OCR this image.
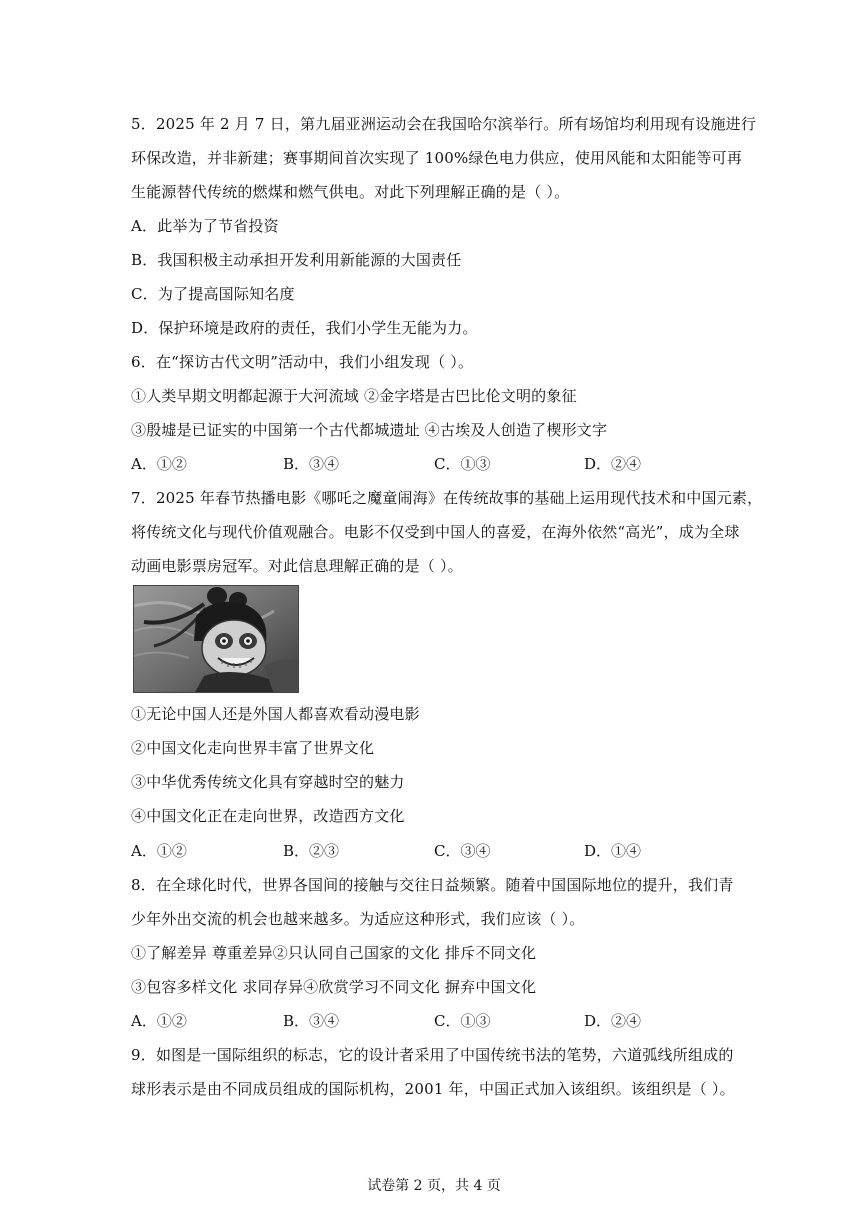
5．2025 年 2 月 7 日，第九届亚洲运动会在我国哈尔滨举行。所有场馆均利用现有设施进行
环保改造，并非新建；赛事期间首次实现了 100%绿色电力供应，使用风能和太阳能等可再
生能源替代传统的燃煤和燃气供电。对此下列理解正确的是（ ）。
A．此举为了节省投资
B．我国积极主动承担开发利用新能源的大国责任
C．为了提高国际知名度
D．保护环境是政府的责任，我们小学生无能为力。
6．在“探访古代文明”活动中，我们小组发现（ ）。
①人类早期文明都起源于大河流域 ②金字塔是古巴比伦文明的象征
③殷墟是已证实的中国第一个古代都城遗址 ④古埃及人创造了楔形文字
A．①②	B．③④	C．①③	D．②④
7．2025 年春节热播电影《哪吒之魔童闹海》在传统故事的基础上运用现代技术和中国元素，
将传统文化与现代价值观融合。电影不仅受到中国人的喜爱，在海外依然“高光”，成为全球
动画电影票房冠军。对此信息理解正确的是（ ）。
①无论中国人还是外国人都喜欢看动漫电影
②中国文化走向世界丰富了世界文化
③中华优秀传统文化具有穿越时空的魅力
④中国文化正在走向世界，改造西方文化
A．①②	B．②③	C．③④	D．①④
8．在全球化时代，世界各国间的接触与交往日益频繁。随着中国国际地位的提升，我们青
少年外出交流的机会也越来越多。为适应这种形式，我们应该（ ）。
①了解差异 尊重差异②只认同自己国家的文化 排斥不同文化
③包容多样文化 求同存异④欣赏学习不同文化 摒弃中国文化
A．①②	B．③④	C．①③	D．②④
9．如图是一国际组织的标志，它的设计者采用了中国传统书法的笔势，六道弧线所组成的
球形表示是由不同成员组成的国际机构，2001 年，中国正式加入该组织。该组织是（ ）。
试卷第 2 页，共 4 页
